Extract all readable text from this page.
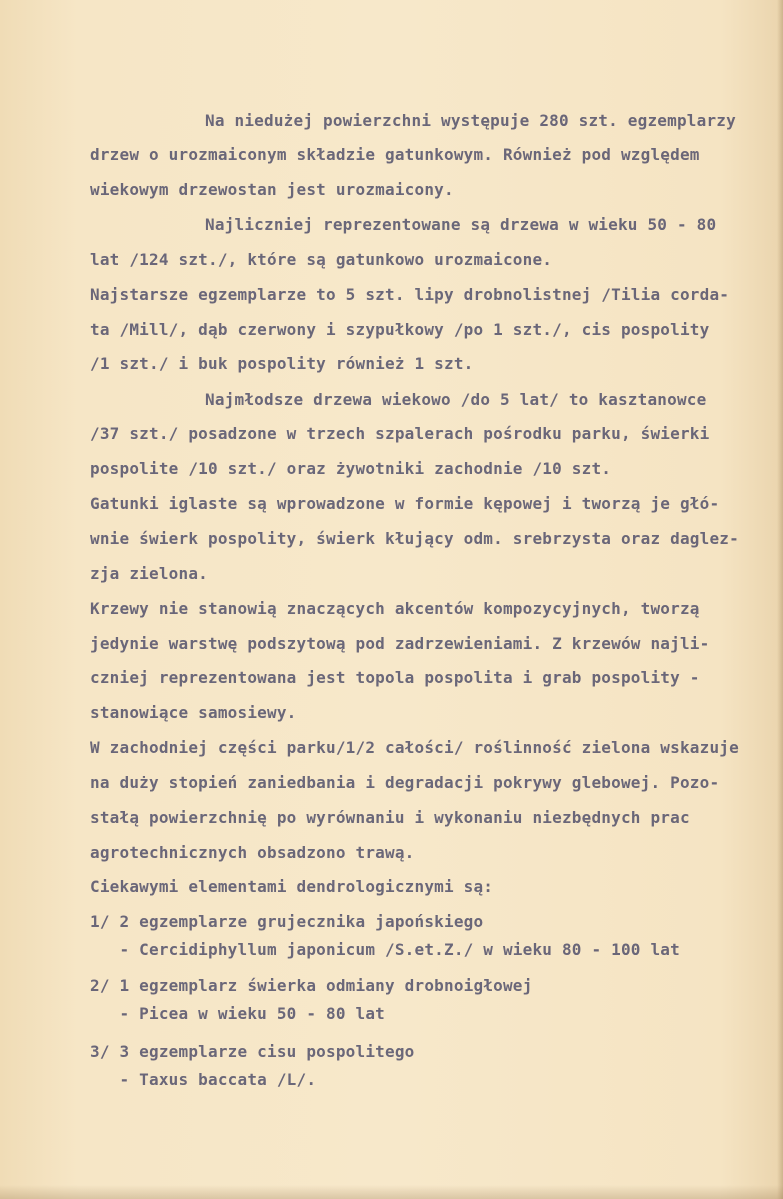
Na niedużej powierzchni występuje 280 szt. egzemplarzy

drzew o urozmaiconym składzie gatunkowym. Również pod względem

wiekowym drzewostan jest urozmaicony.

Najliczniej reprezentowane są drzewa w wieku 50 - 80

lat /124 szt./, które są gatunkowo urozmaicone.

Najstarsze egzemplarze to 5 szt. lipy drobnolistnej /Tilia corda-

ta /Mill/, dąb czerwony i szypułkowy /po 1 szt./, cis pospolity

/1 szt./ i buk pospolity również 1 szt.

Najmłodsze drzewa wiekowo /do 5 lat/ to kasztanowce

/37 szt./ posadzone w trzech szpalerach pośrodku parku, świerki

pospolite /10 szt./ oraz żywotniki zachodnie /10 szt.

Gatunki iglaste są wprowadzone w formie kępowej i tworzą je głó-

wnie świerk pospolity, świerk kłujący odm. srebrzysta oraz daglez-

zja zielona.

Krzewy nie stanowią znaczących akcentów kompozycyjnych, tworzą

jedynie warstwę podszytową pod zadrzewieniami. Z krzewów najli-

czniej reprezentowana jest topola pospolita i grab pospolity -

stanowiące samosiewy.

W zachodniej części parku/1/2 całości/ roślinność zielona wskazuje

na duży stopień zaniedbania i degradacji pokrywy glebowej. Pozo-

stałą powierzchnię po wyrównaniu i wykonaniu niezbędnych prac

agrotechnicznych obsadzono trawą.

Ciekawymi elementami dendrologicznymi są:

1/ 2 egzemplarze grujecznika japońskiego

- Cercidiphyllum japonicum /S.et.Z./ w wieku 80 - 100 lat

2/ 1 egzemplarz świerka odmiany drobnoigłowej

- Picea w wieku 50 - 80 lat

3/ 3 egzemplarze cisu pospolitego

- Taxus baccata /L/.
